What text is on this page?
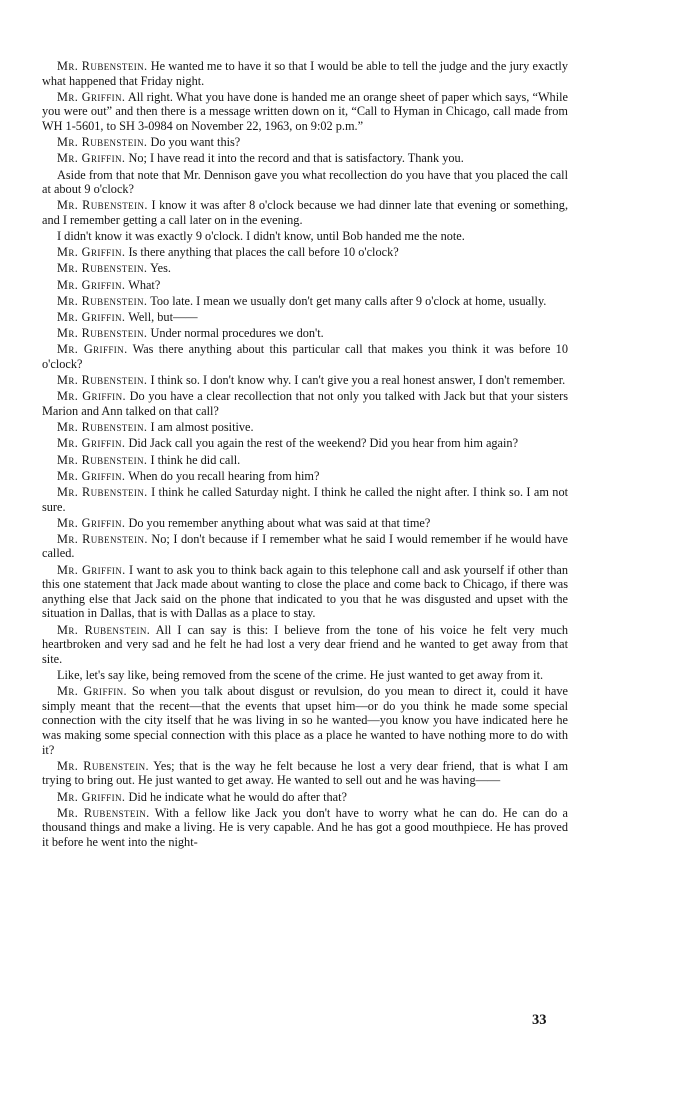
Mr. Rubenstein. He wanted me to have it so that I would be able to tell the judge and the jury exactly what happened that Friday night.

Mr. Griffin. All right. What you have done is handed me an orange sheet of paper which says, “While you were out” and then there is a message written down on it, “Call to Hyman in Chicago, call made from WH 1-5601, to SH 3-0984 on November 22, 1963, on 9:02 p.m.”

Mr. Rubenstein. Do you want this?

Mr. Griffin. No; I have read it into the record and that is satisfactory. Thank you.

Aside from that note that Mr. Dennison gave you what recollection do you have that you placed the call at about 9 o'clock?

Mr. Rubenstein. I know it was after 8 o'clock because we had dinner late that evening or something, and I remember getting a call later on in the evening.

I didn't know it was exactly 9 o'clock. I didn't know, until Bob handed me the note.

Mr. Griffin. Is there anything that places the call before 10 o'clock?

Mr. Rubenstein. Yes.

Mr. Griffin. What?

Mr. Rubenstein. Too late. I mean we usually don't get many calls after 9 o'clock at home, usually.

Mr. Griffin. Well, but——

Mr. Rubenstein. Under normal procedures we don't.

Mr. Griffin. Was there anything about this particular call that makes you think it was before 10 o'clock?

Mr. Rubenstein. I think so. I don't know why. I can't give you a real honest answer, I don't remember.

Mr. Griffin. Do you have a clear recollection that not only you talked with Jack but that your sisters Marion and Ann talked on that call?

Mr. Rubenstein. I am almost positive.

Mr. Griffin. Did Jack call you again the rest of the weekend? Did you hear from him again?

Mr. Rubenstein. I think he did call.

Mr. Griffin. When do you recall hearing from him?

Mr. Rubenstein. I think he called Saturday night. I think he called the night after. I think so. I am not sure.

Mr. Griffin. Do you remember anything about what was said at that time?

Mr. Rubenstein. No; I don't because if I remember what he said I would remember if he would have called.

Mr. Griffin. I want to ask you to think back again to this telephone call and ask yourself if other than this one statement that Jack made about wanting to close the place and come back to Chicago, if there was anything else that Jack said on the phone that indicated to you that he was disgusted and upset with the situation in Dallas, that is with Dallas as a place to stay.

Mr. Rubenstein. All I can say is this: I believe from the tone of his voice he felt very much heartbroken and very sad and he felt he had lost a very dear friend and he wanted to get away from that site.

Like, let's say like, being removed from the scene of the crime. He just wanted to get away from it.

Mr. Griffin. So when you talk about disgust or revulsion, do you mean to direct it, could it have simply meant that the recent—that the events that upset him—or do you think he made some special connection with the city itself that he was living in so he wanted—you know you have indicated here he was making some special connection with this place as a place he wanted to have nothing more to do with it?

Mr. Rubenstein. Yes; that is the way he felt because he lost a very dear friend, that is what I am trying to bring out. He just wanted to get away. He wanted to sell out and he was having——

Mr. Griffin. Did he indicate what he would do after that?

Mr. Rubenstein. With a fellow like Jack you don't have to worry what he can do. He can do a thousand things and make a living. He is very capable. And he has got a good mouthpiece. He has proved it before he went into the night-

33
